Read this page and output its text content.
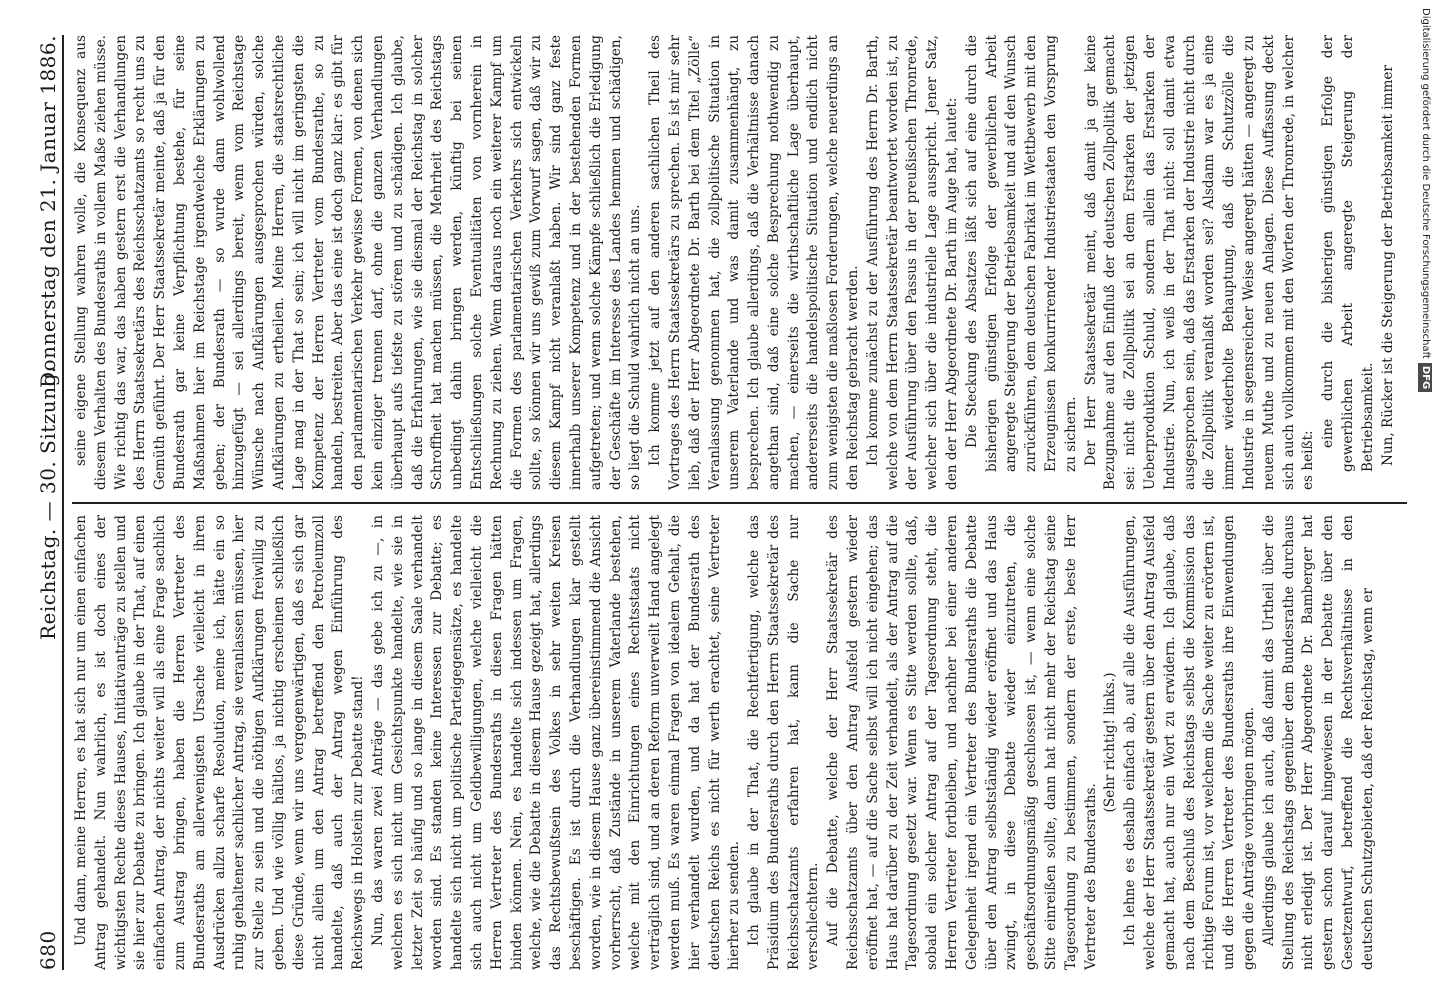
680
Reichstag. — 30. Sitzung.
Donnerstag den 21. Januar 1886.

Und dann, meine Herren, es hat sich nur um einen einfachen Antrag gehandelt. Nun wahrlich, es ist doch eines der wichtigsten Rechte dieses Hauses, Initiativanträge zu stellen und sie hier zur Debatte zu bringen. Ich glaube in der That, auf einen einfachen Antrag, der nichts weiter will als eine Frage sachlich zum Austrag bringen, haben die Herren Vertreter des Bundesraths am allerwenigsten Ursache vielleicht in ihren Ausdrücken allzu scharfe Resolution, meine ich, hätte ein so ruhig gehaltener sachlicher Antrag, sie veranlassen müssen, hier zur Stelle zu sein und die nöthigen Aufklärungen freiwillig zu geben. Und wie völlig hältlos, ja nichtig erscheinen schließlich diese Gründe, wenn wir uns vergegenwärtigen, daß es sich gar nicht allein um den Antrag betreffend den Petroleumzoll handelte, daß auch der Antrag wegen Einführung des Reichswegs in Holstein zur Debatte stand! Nun, das waren zwei Anträge — das gebe ich zu —, in welchen es sich nicht um Gesichtspunkte handelte, wie sie in letzter Zeit so häufig und so lange in diesem Saale verhandelt worden sind. Es standen keine Interessen zur Debatte; es handelte sich nicht um politische Parteigegensätze, es handelte sich auch nicht um Geldbewilligungen, welche vielleicht die Herren Vertreter des Bundesraths in diesen Fragen hätten binden können. Nein, es handelte sich indessen um Fragen, welche, wie die Debatte in diesem Hause gezeigt hat, allerdings das Rechtsbewußtsein des Volkes in sehr weiten Kreisen beschäftigen. Es ist durch die Verhandlungen klar gestellt worden, wie in diesem Hause ganz übereinstimmend die Ansicht vorherrscht, daß Zustände in unserem Vaterlande bestehen, welche mit den Einrichtungen eines Rechtsstaats nicht verträglich sind, und an deren Reform unverweilt Hand angelegt werden muß. Es waren einmal Fragen von idealem Gehalt, die hier verhandelt wurden, und da hat der Bundesrath des deutschen Reichs es nicht für werth erachtet, seine Vertreter hierher zu senden. Ich glaube in der That, die Rechtfertigung, welche das Präsidium des Bundesraths durch den Herrn Staatssekretär des Reichsschatzamts erfahren hat, kann die Sache nur verschlechtern. Auf die Debatte, welche der Herr Staatssekretär des Reichsschatzamts über den Antrag Ausfeld gestern wieder eröffnet hat, — auf die Sache selbst will ich nicht eingehen; das Haus hat darüber zu der Zeit verhandelt, als der Antrag auf die Tagesordnung gesetzt war. Wenn es Sitte werden sollte, daß, sobald ein solcher Antrag auf der Tagesordnung steht, die Herren Vertreter fortbleiben, und nachher bei einer anderen Gelegenheit irgend ein Vertreter des Bundesraths die Debatte über den Antrag selbstständig wieder eröffnet und das Haus zwingt, in diese Debatte wieder einzutreten, die geschäftsordnungsmäßig geschlossen ist, — wenn eine solche Sitte einreißen sollte, dann hat nicht mehr der Reichstag seine Tagesordnung zu bestimmen, sondern der erste, beste Herr Vertreter des Bundesraths.

(Sehr richtig! links.) Ich lehne es deshalb einfach ab, auf alle die Ausführungen, welche der Herr Staatssekretär gestern über den Antrag Ausfeld gemacht hat, auch nur ein Wort zu erwidern. Ich glaube, daß nach dem Beschluß des Reichstags selbst die Kommission das richtige Forum ist, vor welchem die Sache weiter zu erörtern ist, und die Herren Vertreter des Bundesraths ihre Einwendungen gegen die Anträge vorbringen mögen. Allerdings glaube ich auch, daß damit das Urtheil über die Stellung des Reichstags gegenüber dem Bundesrathe durchaus nicht erledigt ist. Der Herr Abgeordnete Dr. Bamberger hat gestern schon darauf hingewiesen in der Debatte über den Gesetzentwurf, betreffend die Rechtsverhältnisse in den deutschen Schutzgebieten, daß der Reichstag, wenn er

seine eigene Stellung wahren wolle, die Konsequenz aus diesem Verhalten des Bundesraths in vollem Maße ziehen müsse. Wie richtig das war, das haben gestern erst die Verhandlungen des Herrn Staatssekretärs des Reichsschatzamts so recht uns zu Gemüth geführt. Der Herr Staatssekretär meinte, daß ja für den Bundesrath gar keine Verpflichtung bestehe, für seine Maßnahmen hier im Reichstage irgendwelche Erklärungen zu geben; der Bundesrath — so wurde dann wohlwollend hinzugefügt — sei allerdings bereit, wenn vom Reichstage Wünsche nach Aufklärungen ausgesprochen würden, solche Aufklärungen zu ertheilen. Meine Herren, die staatsrechtliche Lage mag in der That so sein; ich will nicht im geringsten die Kompetenz der Herren Vertreter vom Bundesrathe, so zu handeln, bestreiten. Aber das eine ist doch ganz klar: es gibt für den parlamentarischen Verkehr gewisse Formen, von denen sich kein einziger trennen darf, ohne die ganzen Verhandlungen überhaupt aufs tiefste zu stören und zu schädigen. Ich glaube, daß die Erfahrungen, wie sie diesmal der Reichstag in solcher Schroffheit hat machen müssen, die Mehrheit des Reichstags unbedingt dahin bringen werden, künftig bei seinen Entschließungen solche Eventualitäten von vornherein in Rechnung zu ziehen. Wenn daraus noch ein weiterer Kampf um die Formen des parlamentarischen Verkehrs sich entwickeln sollte, so können wir uns gewiß zum Vorwurf sagen, daß wir zu diesem Kampf nicht veranlaßt haben. Wir sind ganz feste innerhalb unserer Kompetenz und in der bestehenden Formen aufgetreten; und wenn solche Kämpfe schließlich die Erledigung der Geschäfte im Interesse des Landes hemmen und schädigen, so liegt die Schuld wahrlich nicht an uns. Ich komme jetzt auf den anderen sachlichen Theil des Vortrages des Herrn Staatssekretärs zu sprechen. Es ist mir sehr lieb, daß der Herr Abgeordnete Dr. Barth bei dem Titel „Zölle“ Veranlassung genommen hat, die zollpolitische Situation in unserem Vaterlande und was damit zusammenhängt, zu besprechen. Ich glaube allerdings, daß die Verhältnisse danach angethan sind, daß eine solche Besprechung nothwendig zu machen, — einerseits die wirthschaftliche Lage überhaupt, andererseits die handelspolitische Situation und endlich nicht zum wenigsten die maßlosen Forderungen, welche neuerdings an den Reichstag gebracht werden. Ich komme zunächst zu der Ausführung des Herrn Dr. Barth, welche von dem Herrn Staatssekretär beantwortet worden ist, zu der Ausführung über den Passus in der preußischen Thronrede, welcher sich über die industrielle Lage ausspricht. Jener Satz, den der Herr Abgeordnete Dr. Barth im Auge hat, lautet: Die Steckung des Absatzes läßt sich auf eine durch die bisherigen günstigen Erfolge der gewerblichen Arbeit angeregte Steigerung der Betriebsamkeit und auf den Wunsch zurückführen, dem deutschen Fabrikat im Wettbewerb mit den Erzeugnissen konkurrirender Industriestaaten den Vorsprung zu sichern. Der Herr Staatssekretär meint, daß damit ja gar keine Bezugnahme auf den Einfluß der deutschen Zollpolitik gemacht sei: nicht die Zollpolitik sei an dem Erstarken der jetzigen Ueberproduktion Schuld, sondern allein das Erstarken der Industrie. Nun, ich weiß in der That nicht: soll damit etwa ausgesprochen sein, daß das Erstarken der Industrie nicht durch die Zollpolitik veranlaßt worden sei? Alsdann war es ja eine immer wiederholte Behauptung, daß die Schutzzölle die Industrie in segensreicher Weise angeregt hätten — angeregt zu neuem Muthe und zu neuen Anlagen. Diese Auffassung deckt sich auch vollkommen mit den Worten der Thronrede, in welcher es heißt:

eine durch die bisherigen günstigen Erfolge der gewerblichen Arbeit angeregte Steigerung der Betriebsamkeit. Nun, Rücker ist die Steigerung der Betriebsamkeit immer Digitalisierung gefördert durch die Deutsche ForschungsgemeinschaftDFG
